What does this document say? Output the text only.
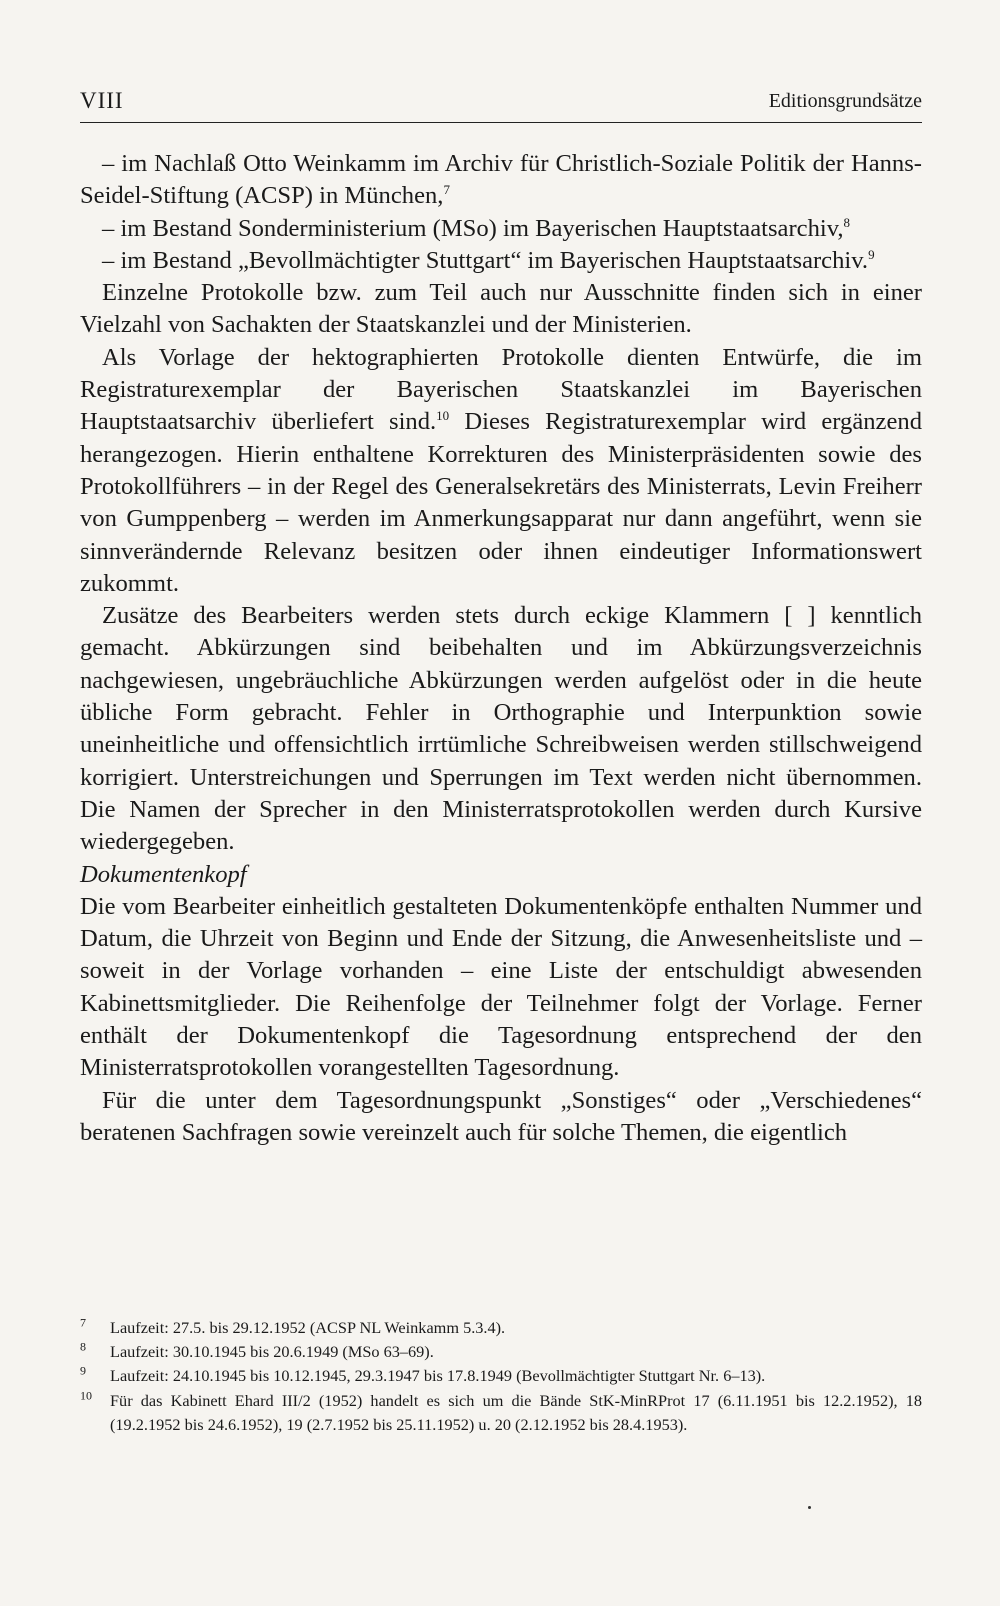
VIII	Editionsgrundsätze

– im Nachlaß Otto Weinkamm im Archiv für Christlich-Soziale Politik der Hanns-Seidel-Stiftung (ACSP) in München,$^7$

– im Bestand Sonderministerium (MSo) im Bayerischen Hauptstaatsarchiv,$^8$

– im Bestand „Bevollmächtigter Stuttgart“ im Bayerischen Hauptstaatsarchiv.$^9$

Einzelne Protokolle bzw. zum Teil auch nur Ausschnitte finden sich in einer Vielzahl von Sachakten der Staatskanzlei und der Ministerien.

Als Vorlage der hektographierten Protokolle dienten Entwürfe, die im Registraturexemplar der Bayerischen Staatskanzlei im Bayerischen Hauptstaatsarchiv überliefert sind.$^{10}$ Dieses Registraturexemplar wird ergänzend herangezogen. Hierin enthaltene Korrekturen des Ministerpräsidenten sowie des Protokollführers – in der Regel des Generalsekretärs des Ministerrats, Levin Freiherr von Gumppenberg – werden im Anmerkungsapparat nur dann angeführt, wenn sie sinnverändernde Relevanz besitzen oder ihnen eindeutiger Informationswert zukommt.

Zusätze des Bearbeiters werden stets durch eckige Klammern [ ] kenntlich gemacht. Abkürzungen sind beibehalten und im Abkürzungsverzeichnis nachgewiesen, ungebräuchliche Abkürzungen werden aufgelöst oder in die heute übliche Form gebracht. Fehler in Orthographie und Interpunktion sowie uneinheitliche und offensichtlich irrtümliche Schreibweisen werden stillschweigend korrigiert. Unterstreichungen und Sperrungen im Text werden nicht übernommen. Die Namen der Sprecher in den Ministerratsprotokollen werden durch Kursive wiedergegeben.

Dokumentenkopf

Die vom Bearbeiter einheitlich gestalteten Dokumentenköpfe enthalten Nummer und Datum, die Uhrzeit von Beginn und Ende der Sitzung, die Anwesenheitsliste und – soweit in der Vorlage vorhanden – eine Liste der entschuldigt abwesenden Kabinettsmitglieder. Die Reihenfolge der Teilnehmer folgt der Vorlage. Ferner enthält der Dokumentenkopf die Tagesordnung entsprechend der den Ministerratsprotokollen vorangestellten Tagesordnung.

Für die unter dem Tagesordnungspunkt „Sonstiges“ oder „Verschiedenes“ beratenen Sachfragen sowie vereinzelt auch für solche Themen, die eigentlich

$^7$	Laufzeit: 27.5. bis 29.12.1952 (ACSP NL Weinkamm 5.3.4).
$^8$	Laufzeit: 30.10.1945 bis 20.6.1949 (MSo 63–69).
$^9$	Laufzeit: 24.10.1945 bis 10.12.1945, 29.3.1947 bis 17.8.1949 (Bevollmächtigter Stuttgart Nr. 6–13).
$^{10}$	Für das Kabinett Ehard III/2 (1952) handelt es sich um die Bände StK-MinRProt 17 (6.11.1951 bis 12.2.1952), 18 (19.2.1952 bis 24.6.1952), 19 (2.7.1952 bis 25.11.1952) u. 20 (2.12.1952 bis 28.4.1953).
